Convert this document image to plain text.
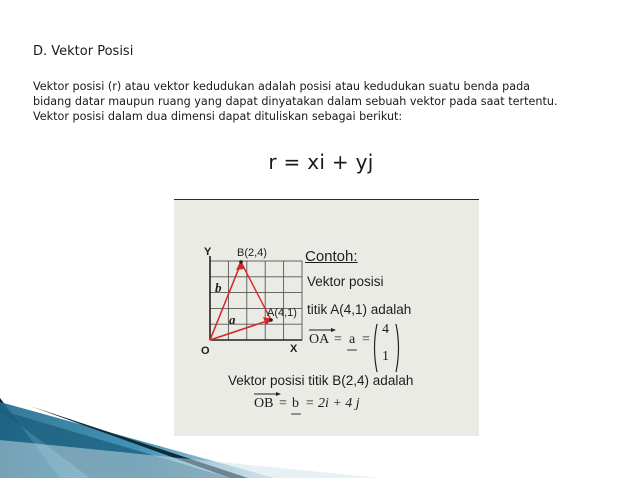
D. Vektor Posisi
Vektor posisi (r) atau vektor kedudukan adalah posisi atau kedudukan suatu benda pada
bidang datar maupun ruang yang dapat dinyatakan dalam sebuah vektor pada saat tertentu.
Vektor posisi dalam dua dimensi dapat dituliskan sebagai berikut:
r = xi + yj
Y
X
O
B(2,4)
A(4,1)
b
a
Contoh:
Vektor posisi
titik A(4,1) adalah
OA = a =
4
1
Vektor posisi titik B(2,4) adalah
OB = b = 2i + 4 j
